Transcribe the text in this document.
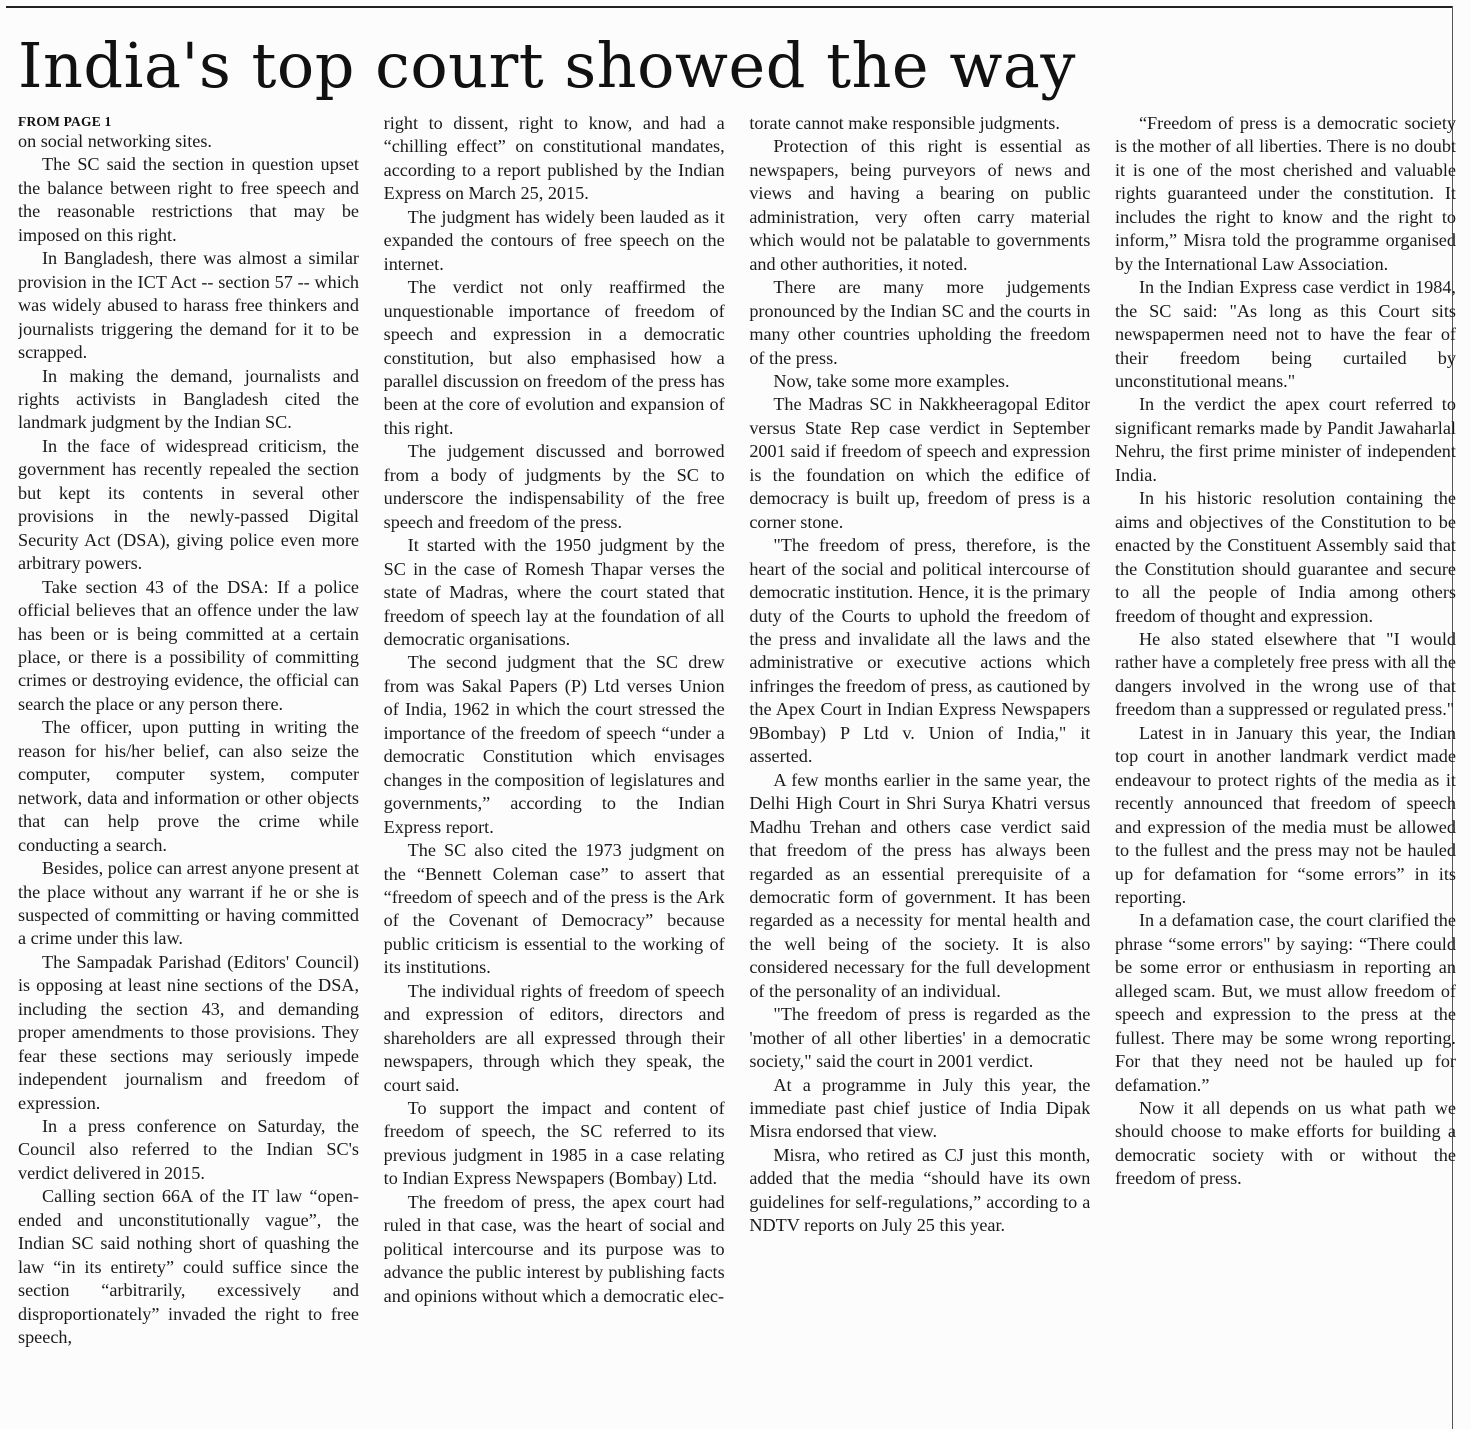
India's top court showed the way
FROM PAGE 1

on social networking sites.

The SC said the section in question upset the balance between right to free speech and the reasonable restrictions that may be imposed on this right.

In Bangladesh, there was almost a similar provision in the ICT Act -- section 57 -- which was widely abused to harass free thinkers and journalists triggering the demand for it to be scrapped.

In making the demand, journalists and rights activists in Bangladesh cited the landmark judgment by the Indian SC.

In the face of widespread criticism, the government has recently repealed the section but kept its contents in several other provisions in the newly-passed Digital Security Act (DSA), giving police even more arbitrary powers.

Take section 43 of the DSA: If a police official believes that an offence under the law has been or is being committed at a certain place, or there is a possibility of committing crimes or destroying evidence, the official can search the place or any person there.

The officer, upon putting in writing the reason for his/her belief, can also seize the computer, computer system, computer network, data and information or other objects that can help prove the crime while conducting a search.

Besides, police can arrest anyone present at the place without any warrant if he or she is suspected of committing or having committed a crime under this law.

The Sampadak Parishad (Editors' Council) is opposing at least nine sections of the DSA, including the section 43, and demanding proper amendments to those provisions. They fear these sections may seriously impede independent journalism and freedom of expression.

In a press conference on Saturday, the Council also referred to the Indian SC's verdict delivered in 2015.

Calling section 66A of the IT law “open-ended and unconstitutionally vague”, the Indian SC said nothing short of quashing the law “in its entirety” could suffice since the section “arbitrarily, excessively and disproportionately” invaded the right to free speech,

right to dissent, right to know, and had a “chilling effect” on constitutional mandates, according to a report published by the Indian Express on March 25, 2015.

The judgment has widely been lauded as it expanded the contours of free speech on the internet.

The verdict not only reaffirmed the unquestionable importance of freedom of speech and expression in a democratic constitution, but also emphasised how a parallel discussion on freedom of the press has been at the core of evolution and expansion of this right.

The judgement discussed and borrowed from a body of judgments by the SC to underscore the indispensability of the free speech and freedom of the press.

It started with the 1950 judgment by the SC in the case of Romesh Thapar verses the state of Madras, where the court stated that freedom of speech lay at the foundation of all democratic organisations.

The second judgment that the SC drew from was Sakal Papers (P) Ltd verses Union of India, 1962 in which the court stressed the importance of the freedom of speech “under a democratic Constitution which envisages changes in the composition of legislatures and governments,” according to the Indian Express report.

The SC also cited the 1973 judgment on the “Bennett Coleman case” to assert that “freedom of speech and of the press is the Ark of the Covenant of Democracy” because public criticism is essential to the working of its institutions.

The individual rights of freedom of speech and expression of editors, directors and shareholders are all expressed through their newspapers, through which they speak, the court said.

To support the impact and content of freedom of speech, the SC referred to its previous judgment in 1985 in a case relating to Indian Express Newspapers (Bombay) Ltd.

The freedom of press, the apex court had ruled in that case, was the heart of social and political intercourse and its purpose was to advance the public interest by publishing facts and opinions without which a democratic elec-

torate cannot make responsible judgments.

Protection of this right is essential as newspapers, being purveyors of news and views and having a bearing on public administration, very often carry material which would not be palatable to governments and other authorities, it noted.

There are many more judgements pronounced by the Indian SC and the courts in many other countries upholding the freedom of the press.

Now, take some more examples.

The Madras SC in Nakkheeragopal Editor versus State Rep case verdict in September 2001 said if freedom of speech and expression is the foundation on which the edifice of democracy is built up, freedom of press is a corner stone.

"The freedom of press, therefore, is the heart of the social and political intercourse of democratic institution. Hence, it is the primary duty of the Courts to uphold the freedom of the press and invalidate all the laws and the administrative or executive actions which infringes the freedom of press, as cautioned by the Apex Court in Indian Express Newspapers 9Bombay) P Ltd v. Union of India," it asserted.

A few months earlier in the same year, the Delhi High Court in Shri Surya Khatri versus Madhu Trehan and others case verdict said that freedom of the press has always been regarded as an essential prerequisite of a democratic form of government. It has been regarded as a necessity for mental health and the well being of the society. It is also considered necessary for the full development of the personality of an individual.

"The freedom of press is regarded as the 'mother of all other liberties' in a democratic society," said the court in 2001 verdict.

At a programme in July this year, the immediate past chief justice of India Dipak Misra endorsed that view.

Misra, who retired as CJ just this month, added that the media “should have its own guidelines for self-regulations,” according to a NDTV reports on July 25 this year.

“Freedom of press is a democratic society is the mother of all liberties. There is no doubt it is one of the most cherished and valuable rights guaranteed under the constitution. It includes the right to know and the right to inform,” Misra told the programme organised by the International Law Association.

In the Indian Express case verdict in 1984, the SC said: "As long as this Court sits newspapermen need not to have the fear of their freedom being curtailed by unconstitutional means."

In the verdict the apex court referred to significant remarks made by Pandit Jawaharlal Nehru, the first prime minister of independent India.

In his historic resolution containing the aims and objectives of the Constitution to be enacted by the Constituent Assembly said that the Constitution should guarantee and secure to all the people of India among others freedom of thought and expression.

He also stated elsewhere that "I would rather have a completely free press with all the dangers involved in the wrong use of that freedom than a suppressed or regulated press."

Latest in in January this year, the Indian top court in another landmark verdict made endeavour to protect rights of the media as it recently announced that freedom of speech and expression of the media must be allowed to the fullest and the press may not be hauled up for defamation for “some errors” in its reporting.

In a defamation case, the court clarified the phrase “some errors" by saying: “There could be some error or enthusiasm in reporting an alleged scam. But, we must allow freedom of speech and expression to the press at the fullest. There may be some wrong reporting. For that they need not be hauled up for defamation.”

Now it all depends on us what path we should choose to make efforts for building a democratic society with or without the freedom of press.
